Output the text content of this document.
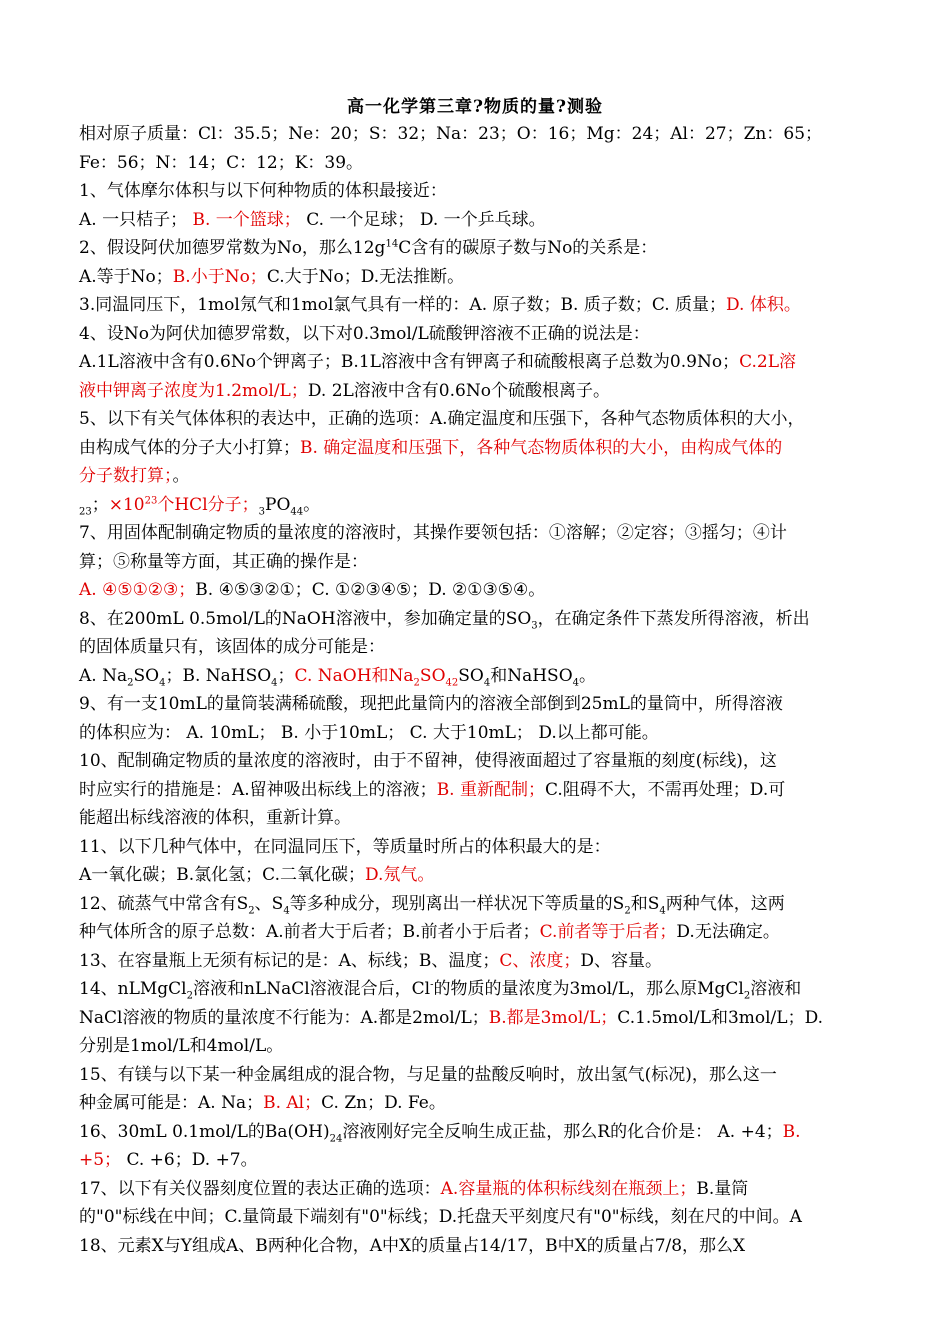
高一化学第三章?物质的量?测验
相对原子质量：Cl：35.5；Ne：20；S：32；Na：23；O：16；Mg：24；Al：27；Zn：65；
Fe：56；N：14；C：12；K：39。
1、气体摩尔体积与以下何种物质的体积最接近：
A. 一只桔子； B. 一个篮球； C. 一个足球； D. 一个乒乓球。
2、假设阿伏加德罗常数为No，那么$12g^{14}C$含有的碳原子数与No的关系是：
A.等于No；B.小于No；C.大于No；D.无法推断。
3.同温同压下，1mol氖气和1mol氯气具有一样的：A. 原子数；B. 质子数；C. 质量；D. 体积。
4、设No为阿伏加德罗常数，以下对0.3mol/L硫酸钾溶液不正确的说法是：
A.1L溶液中含有0.6No个钾离子；B.1L溶液中含有钾离子和硫酸根离子总数为0.9No；C.2L溶
液中钾离子浓度为1.2mol/L；D. 2L溶液中含有0.6No个硫酸根离子。
5、以下有关气体体积的表达中，正确的选项：A.确定温度和压强下，各种气态物质体积的大小，
由构成气体的分子大小打算；B. 确定温度和压强下，各种气态物质体积的大小，由构成气体的
分子数打算；。
$_{23}$；$\times 10^{23}$个HCl分子；$_3PO_{44}$。
7、用固体配制确定物质的量浓度的溶液时，其操作要领包括：①溶解；②定容；③摇匀；④计
算；⑤称量等方面，其正确的操作是：
A. ④⑤①②③；B. ④⑤③②①；C. ①②③④⑤；D. ②①③⑤④。
8、在200mL 0.5mol/L的NaOH溶液中，参加确定量的$SO_3$，在确定条件下蒸发所得溶液，析出
的固体质量只有，该固体的成分可能是：
A. $Na_2SO_4$；B. NaHSO$_4$；C. NaOH和$Na_2SO_{42}SO_4$和NaHSO$_4$。
9、有一支10mL的量筒装满稀硫酸，现把此量筒内的溶液全部倒到25mL的量筒中，所得溶液
的体积应为： A. 10mL； B. 小于10mL； C. 大于10mL； D.以上都可能。
10、配制确定物质的量浓度的溶液时，由于不留神，使得液面超过了容量瓶的刻度(标线)，这
时应实行的措施是：A.留神吸出标线上的溶液；B. 重新配制；C.阻碍不大，不需再处理；D.可
能超出标线溶液的体积，重新计算。
11、以下几种气体中，在同温同压下，等质量时所占的体积最大的是：
A一氧化碳；B.氯化氢；C.二氧化碳；D.氖气。
12、硫蒸气中常含有$S_2$、$S_4$等多种成分，现别离出一样状况下等质量的$S_2$和$S_4$两种气体，这两
种气体所含的原子总数：A.前者大于后者；B.前者小于后者；C.前者等于后者；D.无法确定。
13、在容量瓶上无须有标记的是：A、标线；B、温度；C、浓度；D、容量。
14、nLMgCl$_2$溶液和nLNaCl溶液混合后，Cl-的物质的量浓度为3mol/L，那么原MgCl$_2$溶液和
NaCl溶液的物质的量浓度不行能为：A.都是2mol/L；B.都是3mol/L；C.1.5mol/L和3mol/L；D.
分别是1mol/L和4mol/L。
15、有镁与以下某一种金属组成的混合物，与足量的盐酸反响时，放出氢气(标况)，那么这一
种金属可能是：A. Na；B. Al；C. Zn；D. Fe。
16、30mL 0.1mol/L的$Ba(OH)_{24}$溶液刚好完全反响生成正盐，那么R的化合价是： A. +4；B.
+5； C. +6；D. +7。
17、以下有关仪器刻度位置的表达正确的选项：A.容量瓶的体积标线刻在瓶颈上；B.量筒
的"0"标线在中间；C.量筒最下端刻有"0"标线；D.托盘天平刻度尺有"0"标线，刻在尺的中间。A
18、元素X与Y组成A、B两种化合物，A中X的质量占14/17，B中X的质量占7/8，那么X
